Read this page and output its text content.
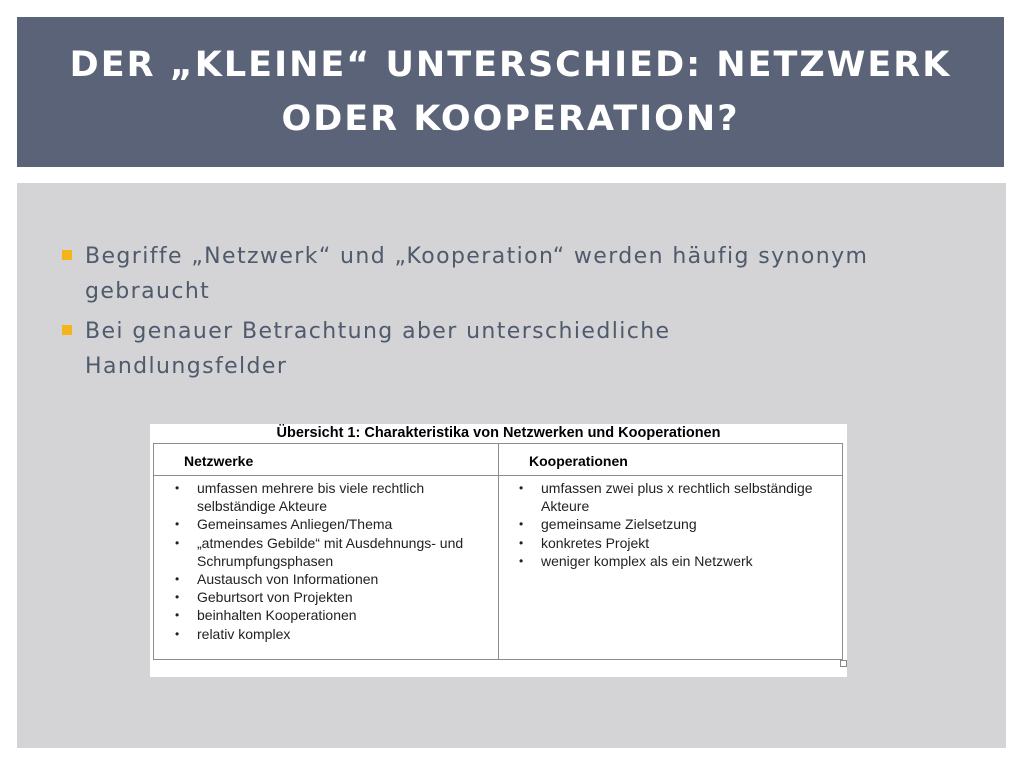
DER „KLEINE“ UNTERSCHIED: NETZWERK ODER KOOPERATION?
Begriffe „Netzwerk“ und „Kooperation“ werden häufig synonym gebraucht
Bei genauer Betrachtung aber unterschiedliche Handlungsfelder
Übersicht 1: Charakteristika von Netzwerken und Kooperationen
Netzwerke	Kooperationen
• umfassen mehrere bis viele rechtlich selbständige Akteure
• Gemeinsames Anliegen/Thema
• „atmendes Gebilde“ mit Ausdehnungs- und Schrumpfungsphasen
• Austausch von Informationen
• Geburtsort von Projekten
• beinhalten Kooperationen
• relativ komplex
• umfassen zwei plus x rechtlich selbständige Akteure
• gemeinsame Zielsetzung
• konkretes Projekt
• weniger komplex als ein Netzwerk
